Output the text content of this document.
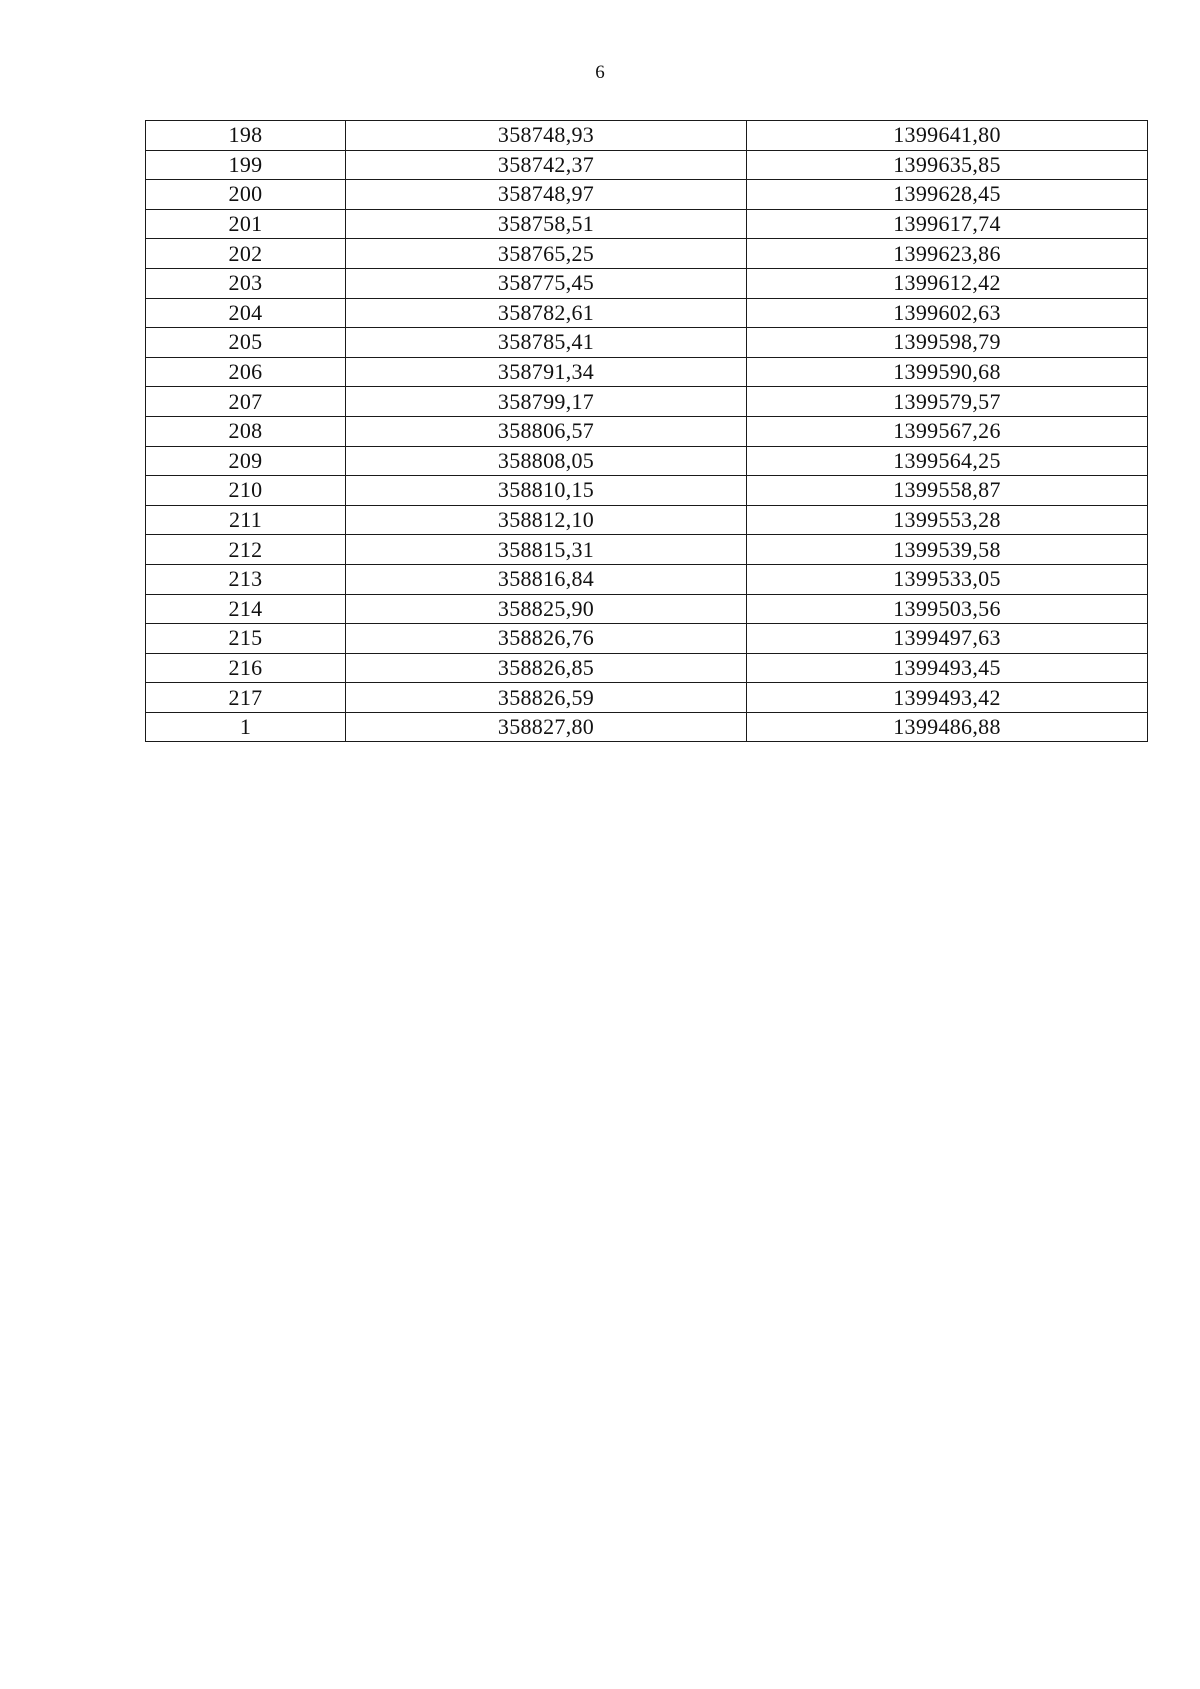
6
198	358748,93	1399641,80
199	358742,37	1399635,85
200	358748,97	1399628,45
201	358758,51	1399617,74
202	358765,25	1399623,86
203	358775,45	1399612,42
204	358782,61	1399602,63
205	358785,41	1399598,79
206	358791,34	1399590,68
207	358799,17	1399579,57
208	358806,57	1399567,26
209	358808,05	1399564,25
210	358810,15	1399558,87
211	358812,10	1399553,28
212	358815,31	1399539,58
213	358816,84	1399533,05
214	358825,90	1399503,56
215	358826,76	1399497,63
216	358826,85	1399493,45
217	358826,59	1399493,42
1	358827,80	1399486,88
